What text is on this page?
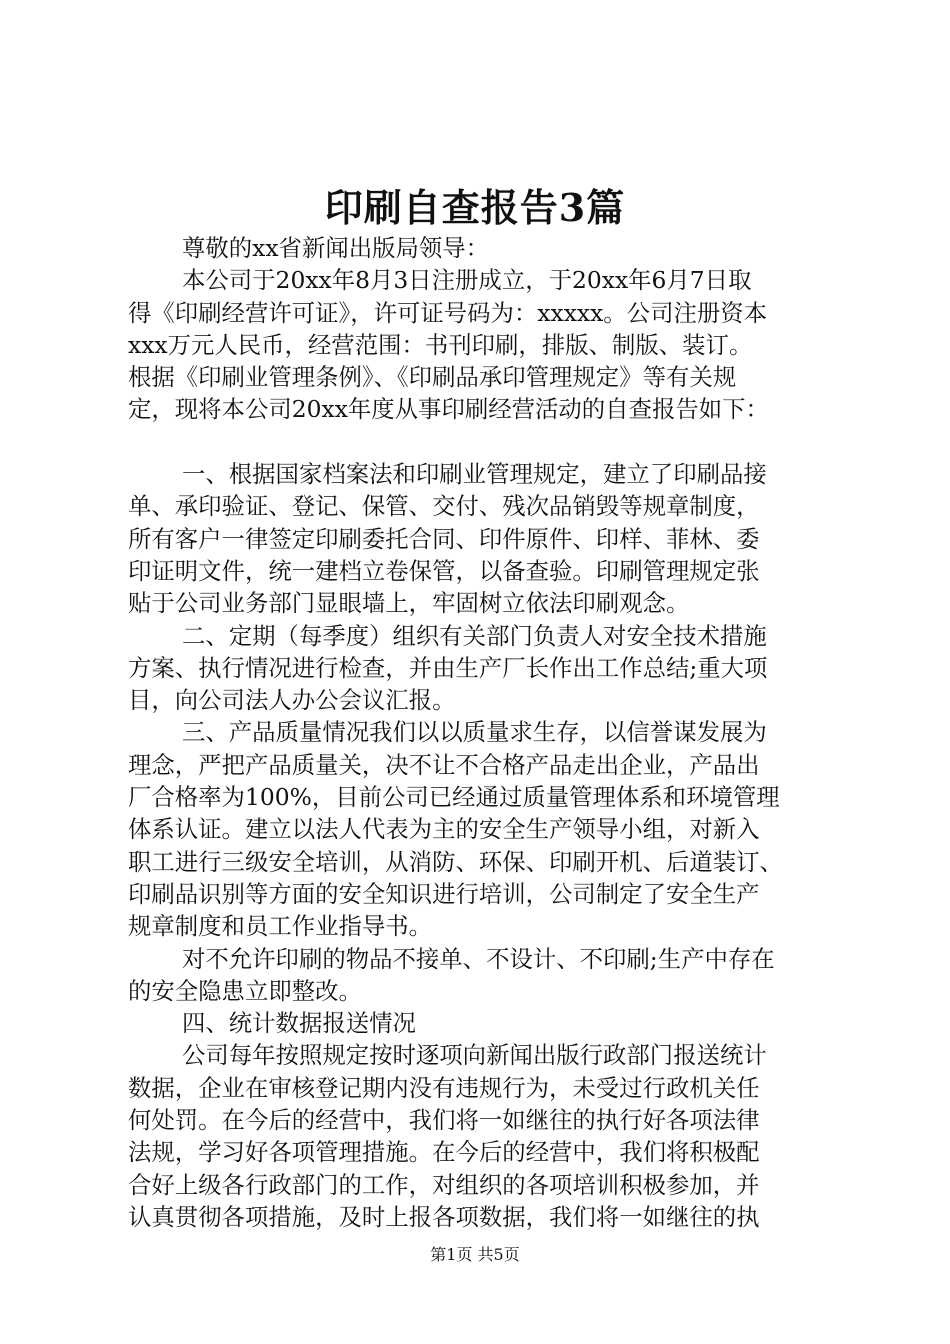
印刷自查报告3篇
尊敬的xx省新闻出版局领导：
本公司于20xx年8月3日注册成立，于20xx年6月7日取
得《印刷经营许可证》，许可证号码为：xxxxx。公司注册资本
xxx万元人民币，经营范围：书刊印刷，排版、制版、装订。
根据《印刷业管理条例》、《印刷品承印管理规定》等有关规
定，现将本公司20xx年度从事印刷经营活动的自查报告如下：
一、根据国家档案法和印刷业管理规定，建立了印刷品接
单、承印验证、登记、保管、交付、残次品销毁等规章制度，
所有客户一律签定印刷委托合同、印件原件、印样、菲林、委
印证明文件，统一建档立卷保管，以备查验。印刷管理规定张
贴于公司业务部门显眼墙上，牢固树立依法印刷观念。
二、定期（每季度）组织有关部门负责人对安全技术措施
方案、执行情况进行检查，并由生产厂长作出工作总结;重大项
目，向公司法人办公会议汇报。
三、产品质量情况我们以以质量求生存，以信誉谋发展为
理念，严把产品质量关，决不让不合格产品走出企业，产品出
厂合格率为100%，目前公司已经通过质量管理体系和环境管理
体系认证。建立以法人代表为主的安全生产领导小组，对新入
职工进行三级安全培训，从消防、环保、印刷开机、后道装订、
印刷品识别等方面的安全知识进行培训，公司制定了安全生产
规章制度和员工作业指导书。
对不允许印刷的物品不接单、不设计、不印刷;生产中存在
的安全隐患立即整改。
四、统计数据报送情况
公司每年按照规定按时逐项向新闻出版行政部门报送统计
数据，企业在审核登记期内没有违规行为，未受过行政机关任
何处罚。在今后的经营中，我们将一如继往的执行好各项法律
法规，学习好各项管理措施。在今后的经营中，我们将积极配
合好上级各行政部门的工作，对组织的各项培训积极参加，并
认真贯彻各项措施，及时上报各项数据，我们将一如继往的执
第1页 共5页
